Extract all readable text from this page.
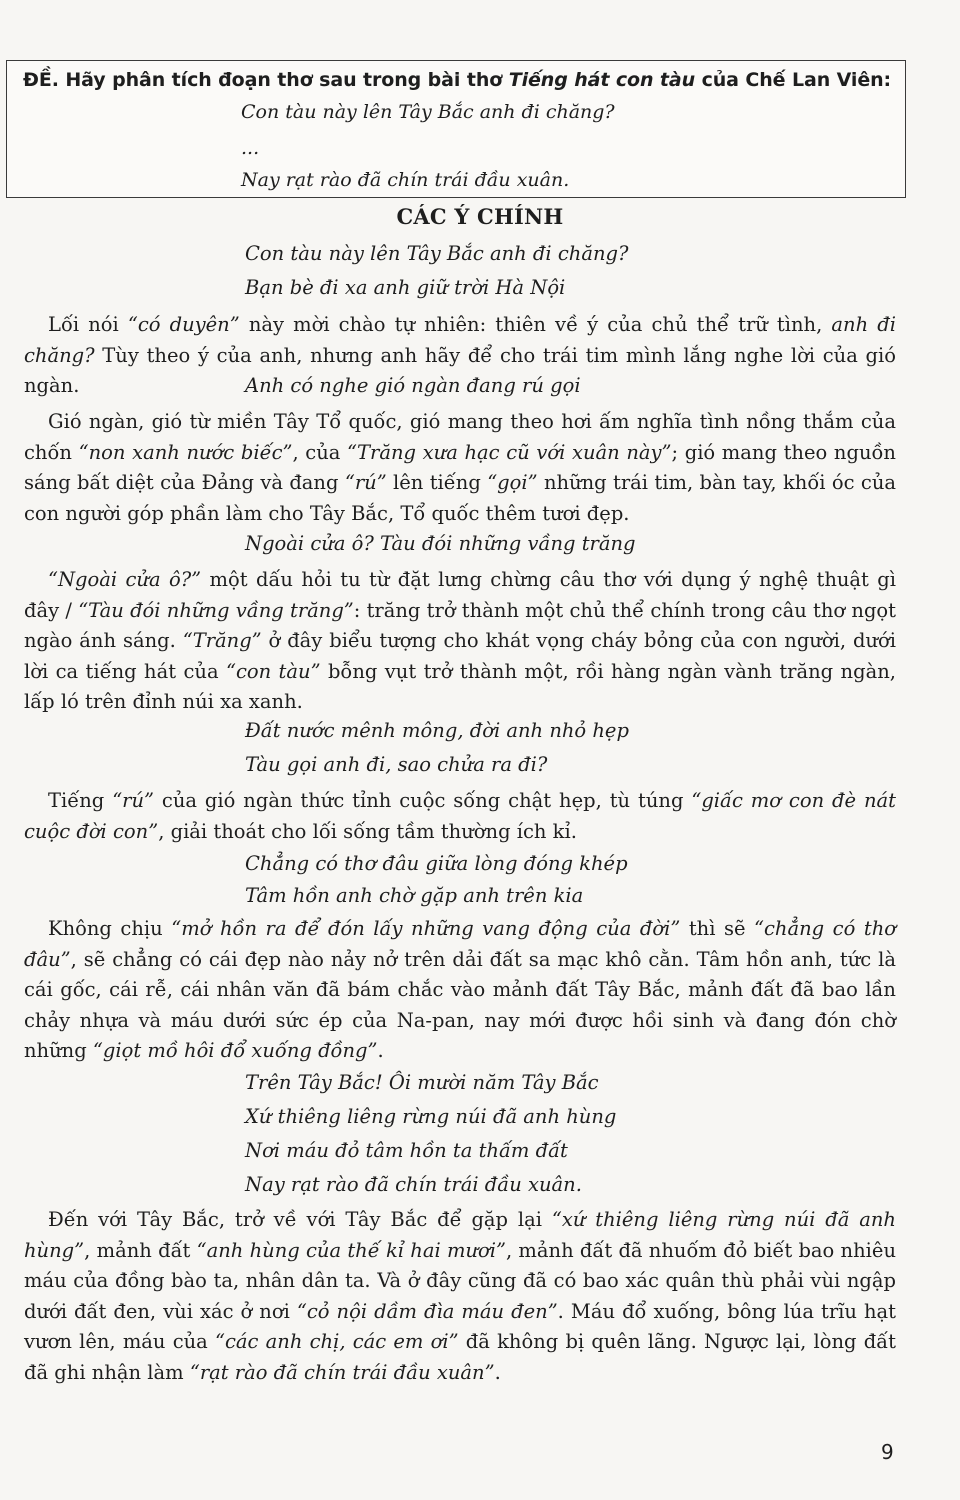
ĐỀ. Hãy phân tích đoạn thơ sau trong bài thơ Tiếng hát con tàu của Chế Lan Viên:
Con tàu này lên Tây Bắc anh đi chăng?
...
Nay rạt rào đã chín trái đầu xuân.
CÁC Ý CHÍNH
Con tàu này lên Tây Bắc anh đi chăng?
Bạn bè đi xa anh giữ trời Hà Nội

Lối nói “có duyên” này mời chào tự nhiên: thiên về ý của chủ thể trữ tình, anh đi chăng? Tùy theo ý của anh, nhưng anh hãy để cho trái tim mình lắng nghe lời của gió ngàn.	Anh có nghe gió ngàn đang rú gọi

Gió ngàn, gió từ miền Tây Tổ quốc, gió mang theo hơi ấm nghĩa tình nồng thắm của chốn “non xanh nước biếc”, của “Trăng xưa hạc cũ với xuân này”; gió mang theo nguồn sáng bất diệt của Đảng và đang “rú” lên tiếng “gọi” những trái tim, bàn tay, khối óc của con người góp phần làm cho Tây Bắc, Tổ quốc thêm tươi đẹp.

Ngoài cửa ô? Tàu đói những vầng trăng

“Ngoài cửa ô?” một dấu hỏi tu từ đặt lưng chừng câu thơ với dụng ý nghệ thuật gì đây / “Tàu đói những vầng trăng”: trăng trở thành một chủ thể chính trong câu thơ ngọt ngào ánh sáng. “Trăng” ở đây biểu tượng cho khát vọng cháy bỏng của con người, dưới lời ca tiếng hát của “con tàu” bỗng vụt trở thành một, rồi hàng ngàn vành trăng ngàn, lấp ló trên đỉnh núi xa xanh.

Đất nước mênh mông, đời anh nhỏ hẹp
Tàu gọi anh đi, sao chửa ra đi?

Tiếng “rú” của gió ngàn thức tỉnh cuộc sống chật hẹp, tù túng “giấc mơ con đè nát cuộc đời con”, giải thoát cho lối sống tầm thường ích kỉ.

Chẳng có thơ đâu giữa lòng đóng khép
Tâm hồn anh chờ gặp anh trên kia

Không chịu “mở hồn ra để đón lấy những vang động của đời” thì sẽ “chẳng có thơ đâu”, sẽ chẳng có cái đẹp nào nảy nở trên dải đất sa mạc khô cằn. Tâm hồn anh, tức là cái gốc, cái rễ, cái nhân văn đã bám chắc vào mảnh đất Tây Bắc, mảnh đất đã bao lần chảy nhựa và máu dưới sức ép của Na-pan, nay mới được hồi sinh và đang đón chờ những “giọt mồ hôi đổ xuống đồng”.

Trên Tây Bắc! Ôi mười năm Tây Bắc
Xứ thiêng liêng rừng núi đã anh hùng
Nơi máu đỏ tâm hồn ta thấm đất
Nay rạt rào đã chín trái đầu xuân.

Đến với Tây Bắc, trở về với Tây Bắc để gặp lại “xứ thiêng liêng rừng núi đã anh hùng”, mảnh đất “anh hùng của thế kỉ hai mươi”, mảnh đất đã nhuốm đỏ biết bao nhiêu máu của đồng bào ta, nhân dân ta. Và ở đây cũng đã có bao xác quân thù phải vùi ngập dưới đất đen, vùi xác ở nơi “cỏ nội dầm đìa máu đen”. Máu đổ xuống, bông lúa trĩu hạt vươn lên, máu của “các anh chị, các em ơi” đã không bị quên lãng. Ngược lại, lòng đất đã ghi nhận làm “rạt rào đã chín trái đầu xuân”.

9
